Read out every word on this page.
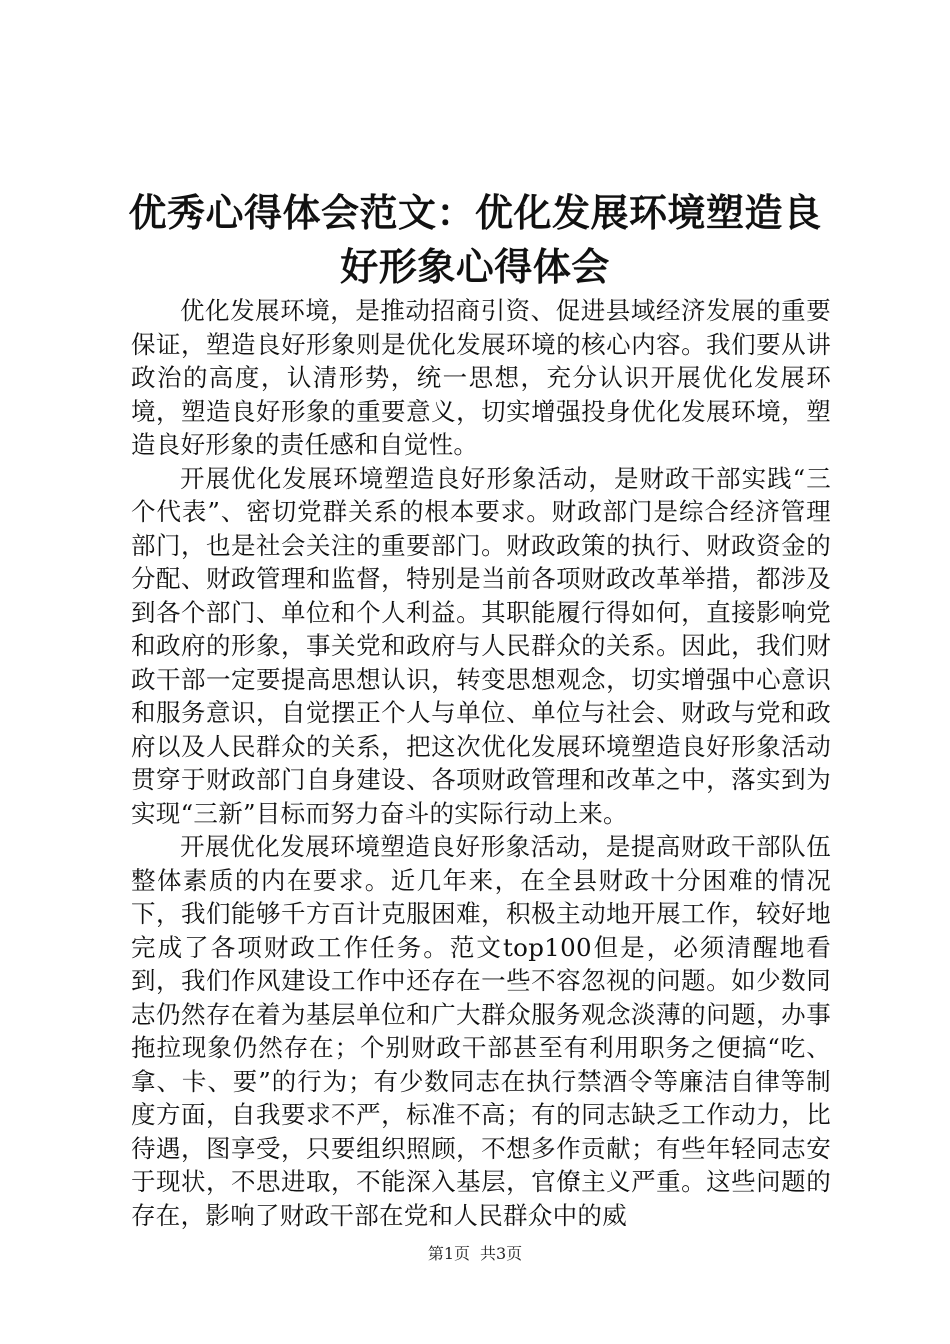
优秀心得体会范文：优化发展环境塑造良好形象心得体会

优化发展环境，是推动招商引资、促进县域经济发展的重要保证，塑造良好形象则是优化发展环境的核心内容。我们要从讲政治的高度，认清形势，统一思想，充分认识开展优化发展环境，塑造良好形象的重要意义，切实增强投身优化发展环境，塑造良好形象的责任感和自觉性。

开展优化发展环境塑造良好形象活动，是财政干部实践“三个代表”、密切党群关系的根本要求。财政部门是综合经济管理部门，也是社会关注的重要部门。财政政策的执行、财政资金的分配、财政管理和监督，特别是当前各项财政改革举措，都涉及到各个部门、单位和个人利益。其职能履行得如何，直接影响党和政府的形象，事关党和政府与人民群众的关系。因此，我们财政干部一定要提高思想认识，转变思想观念，切实增强中心意识和服务意识，自觉摆正个人与单位、单位与社会、财政与党和政府以及人民群众的关系，把这次优化发展环境塑造良好形象活动贯穿于财政部门自身建设、各项财政管理和改革之中，落实到为实现“三新”目标而努力奋斗的实际行动上来。

开展优化发展环境塑造良好形象活动，是提高财政干部队伍整体素质的内在要求。近几年来，在全县财政十分困难的情况下，我们能够千方百计克服困难，积极主动地开展工作，较好地完成了各项财政工作任务。范文top100但是，必须清醒地看到，我们作风建设工作中还存在一些不容忽视的问题。如少数同志仍然存在着为基层单位和广大群众服务观念淡薄的问题，办事拖拉现象仍然存在；个别财政干部甚至有利用职务之便搞“吃、拿、卡、要”的行为；有少数同志在执行禁酒令等廉洁自律等制度方面，自我要求不严，标准不高；有的同志缺乏工作动力，比待遇，图享受，只要组织照顾，不想多作贡献；有些年轻同志安于现状，不思进取，不能深入基层，官僚主义严重。这些问题的存在，影响了财政干部在党和人民群众中的威

第1页 共3页
